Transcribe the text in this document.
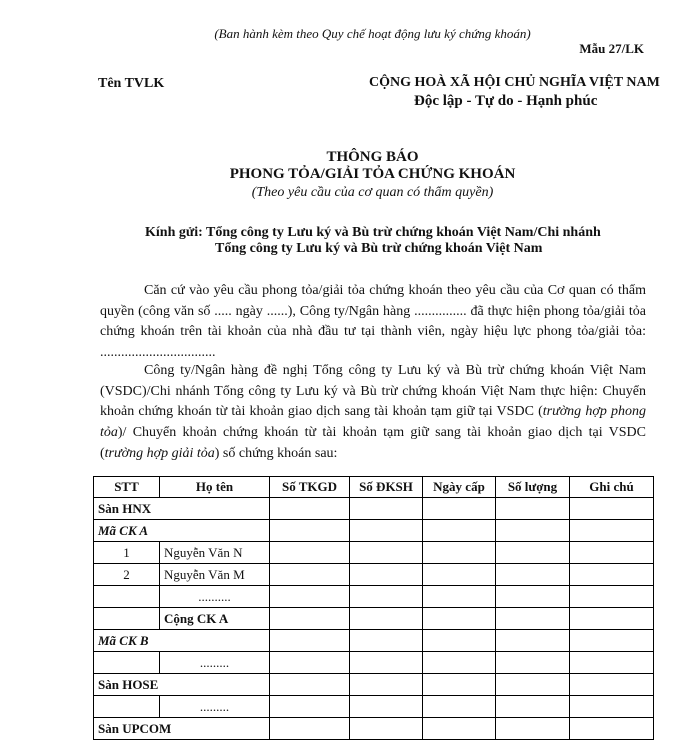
(Ban hành kèm theo Quy chế hoạt động lưu ký chứng khoán)
Mẫu 27/LK
Tên TVLK	CỘNG HOÀ XÃ HỘI CHỦ NGHĨA VIỆT NAM
Độc lập - Tự do - Hạnh phúc
THÔNG BÁO
PHONG TỎA/GIẢI TỎA CHỨNG KHOÁN
(Theo yêu cầu của cơ quan có thẩm quyền)
Kính gửi: Tổng công ty Lưu ký và Bù trừ chứng khoán Việt Nam/Chi nhánh
Tổng công ty Lưu ký và Bù trừ chứng khoán Việt Nam
Căn cứ vào yêu cầu phong tỏa/giải tỏa chứng khoán theo yêu cầu của Cơ quan có thẩm quyền (công văn số ..... ngày ......), Công ty/Ngân hàng ............... đã thực hiện phong tỏa/giải tỏa chứng khoán trên tài khoản của nhà đầu tư tại thành viên, ngày hiệu lực phong tỏa/giải tỏa: .................................
Công ty/Ngân hàng đề nghị Tổng công ty Lưu ký và Bù trừ chứng khoán Việt Nam (VSDC)/Chi nhánh Tổng công ty Lưu ký và Bù trừ chứng khoán Việt Nam thực hiện: Chuyển khoản chứng khoán từ tài khoản giao dịch sang tài khoản tạm giữ tại VSDC (trường hợp phong tỏa)/ Chuyển khoản chứng khoán từ tài khoản tạm giữ sang tài khoản giao dịch tại VSDC (trường hợp giải tỏa) số chứng khoán sau:
STT	Họ tên	Số TKGD	Số ĐKSH	Ngày cấp	Số lượng	Ghi chú
Sàn HNX						
Mã CK A						
1	Nguyễn Văn N					
2	Nguyễn Văn M					
	..........					
	Cộng CK A					
Mã CK B						
	.........					
Sàn HOSE						
	.........					
Sàn UPCOM						
